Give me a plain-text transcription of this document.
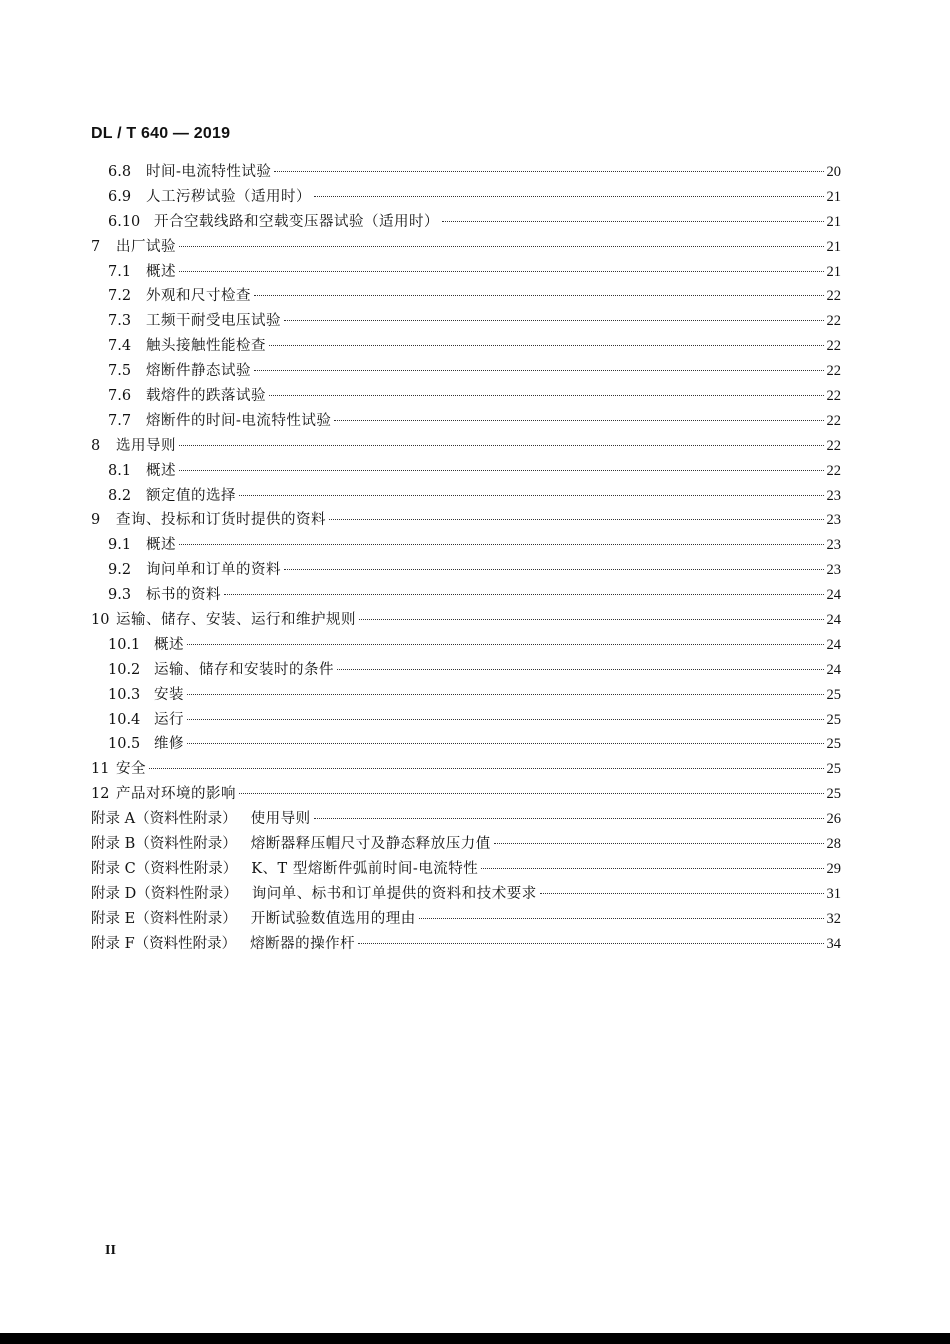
DL / T 640 — 2019
6.8	时间-电流特性试验	20
6.9	人工污秽试验（适用时）	21
6.10 开合空载线路和空载变压器试验（适用时）	21
7	出厂试验	21
7.1	概述	21
7.2	外观和尺寸检查	22
7.3	工频干耐受电压试验	22
7.4	触头接触性能检查	22
7.5	熔断件静态试验	22
7.6	载熔件的跌落试验	22
7.7	熔断件的时间-电流特性试验	22
8	选用导则	22
8.1	概述	22
8.2	额定值的选择	23
9	查询、投标和订货时提供的资料	23
9.1	概述	23
9.2	询问单和订单的资料	23
9.3	标书的资料	24
10 运输、储存、安装、运行和维护规则	24
10.1 概述	24
10.2 运输、储存和安装时的条件	24
10.3 安装	25
10.4 运行	25
10.5 维修	25
11 安全	25
12 产品对环境的影响	25
附录 A（资料性附录） 使用导则	26
附录 B（资料性附录） 熔断器释压帽尺寸及静态释放压力值	28
附录 C（资料性附录） K、T 型熔断件弧前时间-电流特性	29
附录 D（资料性附录） 询问单、标书和订单提供的资料和技术要求	31
附录 E（资料性附录） 开断试验数值选用的理由	32
附录 F（资料性附录） 熔断器的操作杆	34
II
